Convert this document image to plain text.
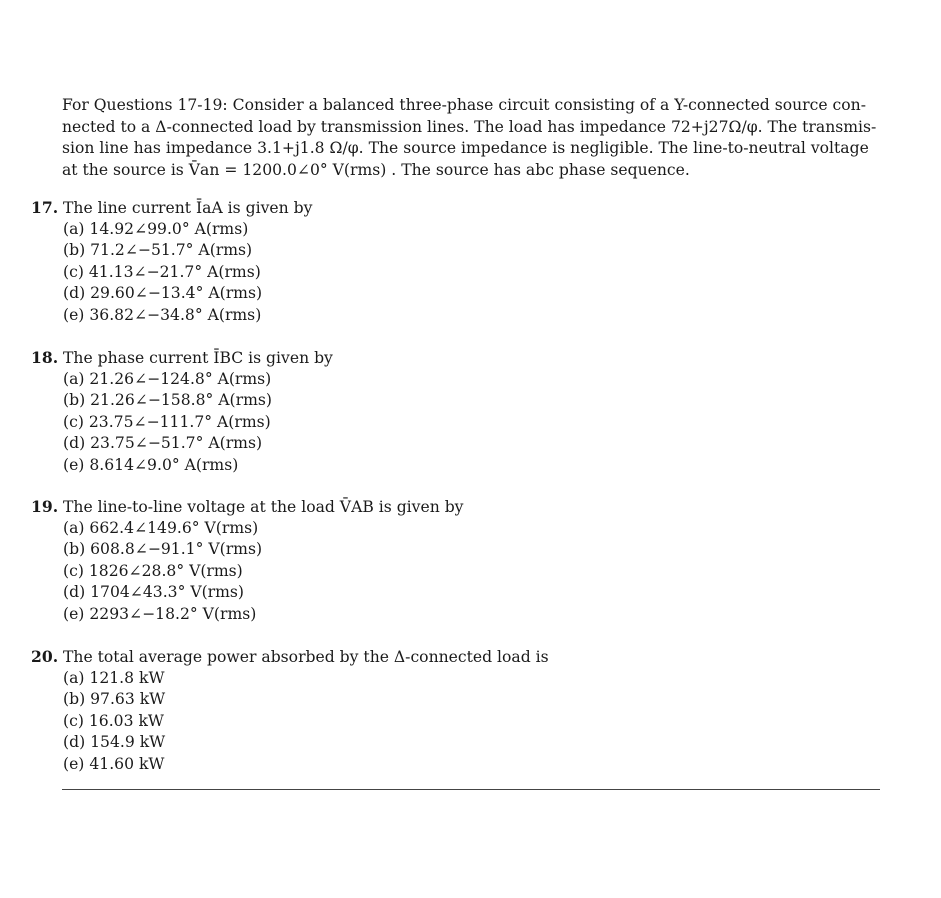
For Questions 17-19: Consider a balanced three-phase circuit consisting of a Y-connected source con-
nected to a Δ-connected load by transmission lines. The load has impedance 72+j27Ω/φ. The transmis-
sion line has impedance 3.1+j1.8 Ω/φ. The source impedance is negligible. The line-to-neutral voltage
at the source is V̄an = 1200.0∠0° V(rms) . The source has abc phase sequence.
17. The line current ĪaA is given by
(a) 14.92∠99.0° A(rms)
(b) 71.2∠−51.7° A(rms)
(c) 41.13∠−21.7° A(rms)
(d) 29.60∠−13.4° A(rms)
(e) 36.82∠−34.8° A(rms)
18. The phase current ĪBC is given by
(a) 21.26∠−124.8° A(rms)
(b) 21.26∠−158.8° A(rms)
(c) 23.75∠−111.7° A(rms)
(d) 23.75∠−51.7° A(rms)
(e) 8.614∠9.0° A(rms)
19. The line-to-line voltage at the load V̄AB is given by
(a) 662.4∠149.6° V(rms)
(b) 608.8∠−91.1° V(rms)
(c) 1826∠28.8° V(rms)
(d) 1704∠43.3° V(rms)
(e) 2293∠−18.2° V(rms)
20. The total average power absorbed by the Δ-connected load is
(a) 121.8 kW
(b) 97.63 kW
(c) 16.03 kW
(d) 154.9 kW
(e) 41.60 kW
